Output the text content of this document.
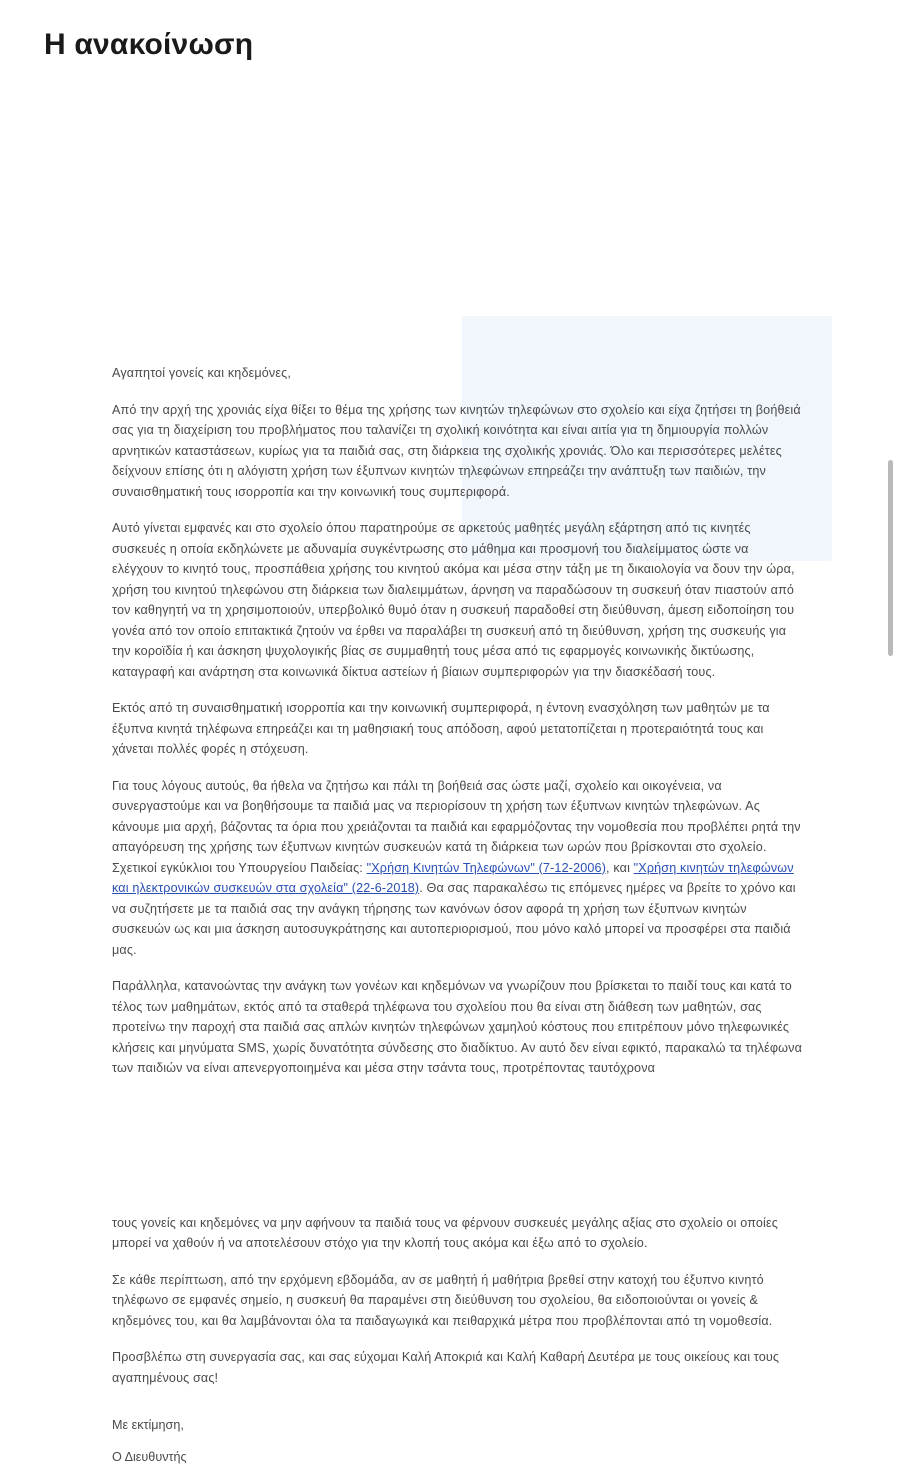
Η ανακοίνωση

Αγαπητοί γονείς και κηδεμόνες,

Από την αρχή της χρονιάς είχα θίξει το θέμα της χρήσης των κινητών τηλεφώνων στο σχολείο και είχα ζητήσει τη βοήθειά σας για τη διαχείριση του προβλήματος που ταλανίζει τη σχολική κοινότητα και είναι αιτία για τη δημιουργία πολλών αρνητικών καταστάσεων, κυρίως για τα παιδιά σας, στη διάρκεια της σχολικής χρονιάς. Όλο και περισσότερες μελέτες δείχνουν επίσης ότι η αλόγιστη χρήση των έξυπνων κινητών τηλεφώνων επηρεάζει την ανάπτυξη των παιδιών, την συναισθηματική τους ισορροπία και την κοινωνική τους συμπεριφορά.

Αυτό γίνεται εμφανές και στο σχολείο όπου παρατηρούμε σε αρκετούς μαθητές μεγάλη εξάρτηση από τις κινητές συσκευές η οποία εκδηλώνετε με αδυναμία συγκέντρωσης στο μάθημα και προσμονή του διαλείμματος ώστε να ελέγχουν το κινητό τους, προσπάθεια χρήσης του κινητού ακόμα και μέσα στην τάξη με τη δικαιολογία να δουν την ώρα, χρήση του κινητού τηλεφώνου στη διάρκεια των διαλειμμάτων, άρνηση να παραδώσουν τη συσκευή όταν πιαστούν από τον καθηγητή να τη χρησιμοποιούν, υπερβολικό θυμό όταν η συσκευή παραδοθεί στη διεύθυνση, άμεση ειδοποίηση του γονέα από τον οποίο επιτακτικά ζητούν να έρθει να παραλάβει τη συσκευή από τη διεύθυνση, χρήση της συσκευής για την κοροϊδία ή και άσκηση ψυχολογικής βίας σε συμμαθητή τους μέσα από τις εφαρμογές κοινωνικής δικτύωσης, καταγραφή και ανάρτηση στα κοινωνικά δίκτυα αστείων ή βίαιων συμπεριφορών για την διασκέδασή τους.

Εκτός από τη συναισθηματική ισορροπία και την κοινωνική συμπεριφορά, η έντονη ενασχόληση των μαθητών με τα έξυπνα κινητά τηλέφωνα επηρεάζει και τη μαθησιακή τους απόδοση, αφού μετατοπίζεται η προτεραιότητά τους και χάνεται πολλές φορές η στόχευση.

Για τους λόγους αυτούς, θα ήθελα να ζητήσω και πάλι τη βοήθειά σας ώστε μαζί, σχολείο και οικογένεια, να συνεργαστούμε και να βοηθήσουμε τα παιδιά μας να περιορίσουν τη χρήση των έξυπνων κινητών τηλεφώνων. Ας κάνουμε μια αρχή, βάζοντας τα όρια που χρειάζονται τα παιδιά και εφαρμόζοντας την νομοθεσία που προβλέπει ρητά την απαγόρευση της χρήσης των έξυπνων κινητών συσκευών κατά τη διάρκεια των ωρών που βρίσκονται στο σχολείο. Σχετικοί εγκύκλιοι του Υπουργείου Παιδείας: "Χρήση Κινητών Τηλεφώνων" (7-12-2006), και "Χρήση κινητών τηλεφώνων και ηλεκτρονικών συσκευών στα σχολεία" (22-6-2018). Θα σας παρακαλέσω τις επόμενες ημέρες να βρείτε το χρόνο και να συζητήσετε με τα παιδιά σας την ανάγκη τήρησης των κανόνων όσον αφορά τη χρήση των έξυπνων κινητών συσκευών ως και μια άσκηση αυτοσυγκράτησης και αυτοπεριορισμού, που μόνο καλό μπορεί να προσφέρει στα παιδιά μας.

Παράλληλα, κατανοώντας την ανάγκη των γονέων και κηδεμόνων να γνωρίζουν που βρίσκεται το παιδί τους και κατά το τέλος των μαθημάτων, εκτός από τα σταθερά τηλέφωνα του σχολείου που θα είναι στη διάθεση των μαθητών, σας προτείνω την παροχή στα παιδιά σας απλών κινητών τηλεφώνων χαμηλού κόστους που επιτρέπουν μόνο τηλεφωνικές κλήσεις και μηνύματα SMS, χωρίς δυνατότητα σύνδεσης στο διαδίκτυο. Αν αυτό δεν είναι εφικτό, παρακαλώ τα τηλέφωνα των παιδιών να είναι απενεργοποιημένα και μέσα στην τσάντα τους, προτρέποντας ταυτόχρονα

τους γονείς και κηδεμόνες να μην αφήνουν τα παιδιά τους να φέρνουν συσκευές μεγάλης αξίας στο σχολείο οι οποίες μπορεί να χαθούν ή να αποτελέσουν στόχο για την κλοπή τους ακόμα και έξω από το σχολείο.

Σε κάθε περίπτωση, από την ερχόμενη εβδομάδα, αν σε μαθητή ή μαθήτρια βρεθεί στην κατοχή του έξυπνο κινητό τηλέφωνο σε εμφανές σημείο, η συσκευή θα παραμένει στη διεύθυνση του σχολείου, θα ειδοποιούνται οι γονείς & κηδεμόνες του, και θα λαμβάνονται όλα τα παιδαγωγικά και πειθαρχικά μέτρα που προβλέπονται από τη νομοθεσία.

Προσβλέπω στη συνεργασία σας, και σας εύχομαι Καλή Αποκριά και Καλή Καθαρή Δευτέρα με τους οικείους και τους αγαπημένους σας!

Με εκτίμηση,

Ο Διευθυντής
